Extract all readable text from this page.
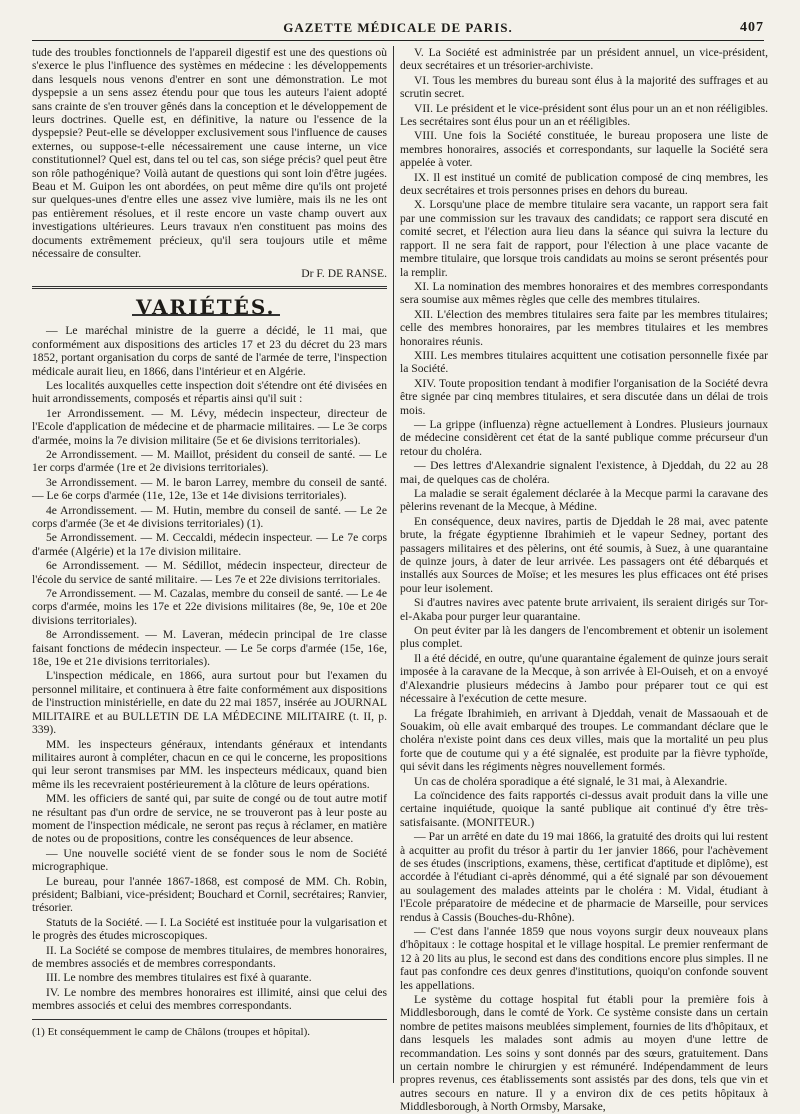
GAZETTE MÉDICALE DE PARIS.	407

tude des troubles fonctionnels de l'appareil digestif est une des questions où s'exerce le plus l'influence des systèmes en médecine : les développements dans lesquels nous venons d'entrer en sont une démonstration. Le mot dyspepsie a un sens assez étendu pour que tous les auteurs l'aient adopté sans crainte de s'en trouver gênés dans la conception et le développement de leurs doctrines. Quelle est, en définitive, la nature ou l'essence de la dyspepsie? Peut-elle se développer exclusivement sous l'influence de causes externes, ou suppose-t-elle nécessairement une cause interne, un vice constitutionnel? Quel est, dans tel ou tel cas, son siége précis? quel peut être son rôle pathogénique? Voilà autant de questions qui sont loin d'être jugées. Beau et M. Guipon les ont abordées, on peut même dire qu'ils ont projeté sur quelques-unes d'entre elles une assez vive lumière, mais ils ne les ont pas entièrement résolues, et il reste encore un vaste champ ouvert aux investigations ultérieures. Leurs travaux n'en constituent pas moins des documents extrêmement précieux, qu'il sera toujours utile et même nécessaire de consulter.

Dr F. DE RANSE.
VARIÉTÉS.

— Le maréchal ministre de la guerre a décidé, le 11 mai, que conformément aux dispositions des articles 17 et 23 du décret du 23 mars 1852, portant organisation du corps de santé de l'armée de terre, l'inspection médicale aurait lieu, en 1866, dans l'intérieur et en Algérie.

Les localités auxquelles cette inspection doit s'étendre ont été divisées en huit arrondissements, composés et répartis ainsi qu'il suit :

1er Arrondissement. — M. Lévy, médecin inspecteur, directeur de l'Ecole d'application de médecine et de pharmacie militaires. — Le 3e corps d'armée, moins la 7e division militaire (5e et 6e divisions territoriales).

2e Arrondissement. — M. Maillot, président du conseil de santé. — Le 1er corps d'armée (1re et 2e divisions territoriales).

3e Arrondissement. — M. le baron Larrey, membre du conseil de santé. — Le 6e corps d'armée (11e, 12e, 13e et 14e divisions territoriales).

4e Arrondissement. — M. Hutin, membre du conseil de santé. — Le 2e corps d'armée (3e et 4e divisions territoriales) (1).

5e Arrondissement. — M. Ceccaldi, médecin inspecteur. — Le 7e corps d'armée (Algérie) et la 17e division militaire.

6e Arrondissement. — M. Sédillot, médecin inspecteur, directeur de l'école du service de santé militaire. — Les 7e et 22e divisions territoriales.

7e Arrondissement. — M. Cazalas, membre du conseil de santé. — Le 4e corps d'armée, moins les 17e et 22e divisions militaires (8e, 9e, 10e et 20e divisions territoriales).

8e Arrondissement. — M. Laveran, médecin principal de 1re classe faisant fonctions de médecin inspecteur. — Le 5e corps d'armée (15e, 16e, 18e, 19e et 21e divisions territoriales).

L'inspection médicale, en 1866, aura surtout pour but l'examen du personnel militaire, et continuera à être faite conformément aux dispositions de l'instruction ministérielle, en date du 22 mai 1857, insérée au JOURNAL MILITAIRE et au BULLETIN DE LA MÉDECINE MILITAIRE (t. II, p. 339).

MM. les inspecteurs généraux, intendants généraux et intendants militaires auront à compléter, chacun en ce qui le concerne, les propositions qui leur seront transmises par MM. les inspecteurs médicaux, quand bien même ils les recevraient postérieurement à la clôture de leurs opérations.

MM. les officiers de santé qui, par suite de congé ou de tout autre motif ne résultant pas d'un ordre de service, ne se trouveront pas à leur poste au moment de l'inspection médicale, ne seront pas reçus à réclamer, en matière de notes ou de propositions, contre les conséquences de leur absence.

— Une nouvelle société vient de se fonder sous le nom de Société micrographique.

Le bureau, pour l'année 1867-1868, est composé de MM. Ch. Robin, président; Balbiani, vice-président; Bouchard et Cornil, secrétaires; Ranvier, trésorier.

Statuts de la Société. — I. La Société est instituée pour la vulgarisation et le progrès des études microscopiques.

II. La Société se compose de membres titulaires, de membres honoraires, de membres associés et de membres correspondants.

III. Le nombre des membres titulaires est fixé à quarante.

IV. Le nombre des membres honoraires est illimité, ainsi que celui des membres associés et celui des membres correspondants.

(1) Et conséquemment le camp de Châlons (troupes et hôpital).

V. La Société est administrée par un président annuel, un vice-président, deux secrétaires et un trésorier-archiviste.

VI. Tous les membres du bureau sont élus à la majorité des suffrages et au scrutin secret.

VII. Le président et le vice-président sont élus pour un an et non rééligibles. Les secrétaires sont élus pour un an et rééligibles.

VIII. Une fois la Société constituée, le bureau proposera une liste de membres honoraires, associés et correspondants, sur laquelle la Société sera appelée à voter.

IX. Il est institué un comité de publication composé de cinq membres, les deux secrétaires et trois personnes prises en dehors du bureau.

X. Lorsqu'une place de membre titulaire sera vacante, un rapport sera fait par une commission sur les travaux des candidats; ce rapport sera discuté en comité secret, et l'élection aura lieu dans la séance qui suivra la lecture du rapport. Il ne sera fait de rapport, pour l'élection à une place vacante de membre titulaire, que lorsque trois candidats au moins se seront présentés pour la remplir.

XI. La nomination des membres honoraires et des membres correspondants sera soumise aux mêmes règles que celle des membres titulaires.

XII. L'élection des membres titulaires sera faite par les membres titulaires; celle des membres honoraires, par les membres titulaires et les membres honoraires réunis.

XIII. Les membres titulaires acquittent une cotisation personnelle fixée par la Société.

XIV. Toute proposition tendant à modifier l'organisation de la Société devra être signée par cinq membres titulaires, et sera discutée dans un délai de trois mois.

— La grippe (influenza) règne actuellement à Londres. Plusieurs journaux de médecine considèrent cet état de la santé publique comme précurseur d'un retour du choléra.

— Des lettres d'Alexandrie signalent l'existence, à Djeddah, du 22 au 28 mai, de quelques cas de choléra.

La maladie se serait également déclarée à la Mecque parmi la caravane des pèlerins revenant de la Mecque, à Médine.

En conséquence, deux navires, partis de Djeddah le 28 mai, avec patente brute, la frégate égyptienne Ibrahimieh et le vapeur Sedney, portant des passagers militaires et des pèlerins, ont été soumis, à Suez, à une quarantaine de quinze jours, à dater de leur arrivée. Les passagers ont été débarqués et installés aux Sources de Moïse; et les mesures les plus efficaces ont été prises pour leur isolement.

Si d'autres navires avec patente brute arrivaient, ils seraient dirigés sur Tor-el-Akaba pour purger leur quarantaine.

On peut éviter par là les dangers de l'encombrement et obtenir un isolement plus complet.

Il a été décidé, en outre, qu'une quarantaine également de quinze jours serait imposée à la caravane de la Mecque, à son arrivée à El-Ouiseh, et on a envoyé d'Alexandrie plusieurs médecins à Jambo pour préparer tout ce qui est nécessaire à l'exécution de cette mesure.

La frégate Ibrahimieh, en arrivant à Djeddah, venait de Massaouah et de Souakim, où elle avait embarqué des troupes. Le commandant déclare que le choléra n'existe point dans ces deux villes, mais que la mortalité un peu plus forte que de coutume qui y a été signalée, est produite par la fièvre typhoïde, qui sévit dans les régiments nègres nouvellement formés.

Un cas de choléra sporadique a été signalé, le 31 mai, à Alexandrie.

La coïncidence des faits rapportés ci-dessus avait produit dans la ville une certaine inquiétude, quoique la santé publique ait continué d'y être très-satisfaisante. (MONITEUR.)

— Par un arrêté en date du 19 mai 1866, la gratuité des droits qui lui restent à acquitter au profit du trésor à partir du 1er janvier 1866, pour l'achèvement de ses études (inscriptions, examens, thèse, certificat d'aptitude et diplôme), est accordée à l'étudiant ci-après dénommé, qui a été signalé par son dévouement au soulagement des malades atteints par le choléra : M. Vidal, étudiant à l'Ecole préparatoire de médecine et de pharmacie de Marseille, pour services rendus à Cassis (Bouches-du-Rhône).

— C'est dans l'année 1859 que nous voyons surgir deux nouveaux plans d'hôpitaux : le cottage hospital et le village hospital. Le premier renfermant de 12 à 20 lits au plus, le second est dans des conditions encore plus simples. Il ne faut pas confondre ces deux genres d'institutions, quoiqu'on confonde souvent les appellations.

Le système du cottage hospital fut établi pour la première fois à Middlesborough, dans le comté de York. Ce système consiste dans un certain nombre de petites maisons meublées simplement, fournies de lits d'hôpitaux, et dans lesquels les malades sont admis au moyen d'une lettre de recommandation. Les soins y sont donnés par des sœurs, gratuitement. Dans un certain nombre le chirurgien y est rémunéré. Indépendamment de leurs propres revenus, ces établissements sont assistés par des dons, tels que vin et autres secours en nature. Il y a environ dix de ces petits hôpitaux à Middlesborough, à North Ormsby, Marsake,
